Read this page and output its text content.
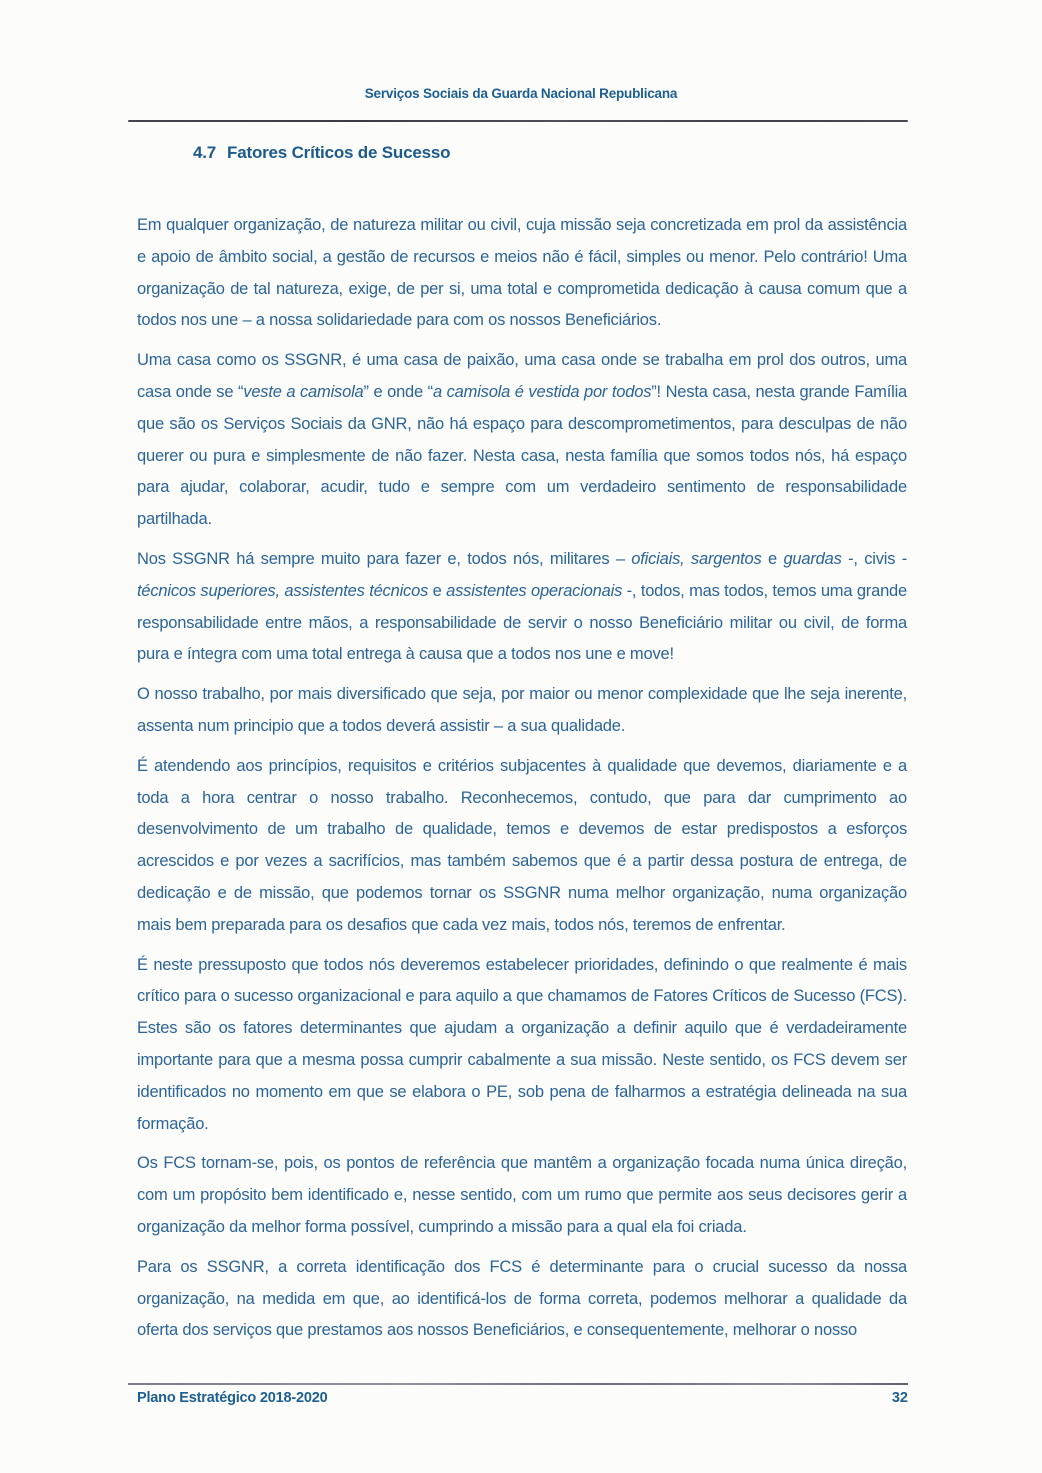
Serviços Sociais da Guarda Nacional Republicana
4.7 Fatores Críticos de Sucesso

Em qualquer organização, de natureza militar ou civil, cuja missão seja concretizada em prol da assistência e apoio de âmbito social, a gestão de recursos e meios não é fácil, simples ou menor. Pelo contrário! Uma organização de tal natureza, exige, de per si, uma total e comprometida dedicação à causa comum que a todos nos une – a nossa solidariedade para com os nossos Beneficiários.

Uma casa como os SSGNR, é uma casa de paixão, uma casa onde se trabalha em prol dos outros, uma casa onde se “veste a camisola” e onde “a camisola é vestida por todos”! Nesta casa, nesta grande Família que são os Serviços Sociais da GNR, não há espaço para descomprometimentos, para desculpas de não querer ou pura e simplesmente de não fazer. Nesta casa, nesta família que somos todos nós, há espaço para ajudar, colaborar, acudir, tudo e sempre com um verdadeiro sentimento de responsabilidade partilhada.

Nos SSGNR há sempre muito para fazer e, todos nós, militares – oficiais, sargentos e guardas -, civis - técnicos superiores, assistentes técnicos e assistentes operacionais -, todos, mas todos, temos uma grande responsabilidade entre mãos, a responsabilidade de servir o nosso Beneficiário militar ou civil, de forma pura e íntegra com uma total entrega à causa que a todos nos une e move!

O nosso trabalho, por mais diversificado que seja, por maior ou menor complexidade que lhe seja inerente, assenta num principio que a todos deverá assistir – a sua qualidade.

É atendendo aos princípios, requisitos e critérios subjacentes à qualidade que devemos, diariamente e a toda a hora centrar o nosso trabalho. Reconhecemos, contudo, que para dar cumprimento ao desenvolvimento de um trabalho de qualidade, temos e devemos de estar predispostos a esforços acrescidos e por vezes a sacrifícios, mas também sabemos que é a partir dessa postura de entrega, de dedicação e de missão, que podemos tornar os SSGNR numa melhor organização, numa organização mais bem preparada para os desafios que cada vez mais, todos nós, teremos de enfrentar.

É neste pressuposto que todos nós deveremos estabelecer prioridades, definindo o que realmente é mais crítico para o sucesso organizacional e para aquilo a que chamamos de Fatores Críticos de Sucesso (FCS). Estes são os fatores determinantes que ajudam a organização a definir aquilo que é verdadeiramente importante para que a mesma possa cumprir cabalmente a sua missão. Neste sentido, os FCS devem ser identificados no momento em que se elabora o PE, sob pena de falharmos a estratégia delineada na sua formação.

Os FCS tornam-se, pois, os pontos de referência que mantêm a organização focada numa única direção, com um propósito bem identificado e, nesse sentido, com um rumo que permite aos seus decisores gerir a organização da melhor forma possível, cumprindo a missão para a qual ela foi criada.

Para os SSGNR, a correta identificação dos FCS é determinante para o crucial sucesso da nossa organização, na medida em que, ao identificá-los de forma correta, podemos melhorar a qualidade da oferta dos serviços que prestamos aos nossos Beneficiários, e consequentemente, melhorar o nosso

Plano Estratégico 2018-2020	32
